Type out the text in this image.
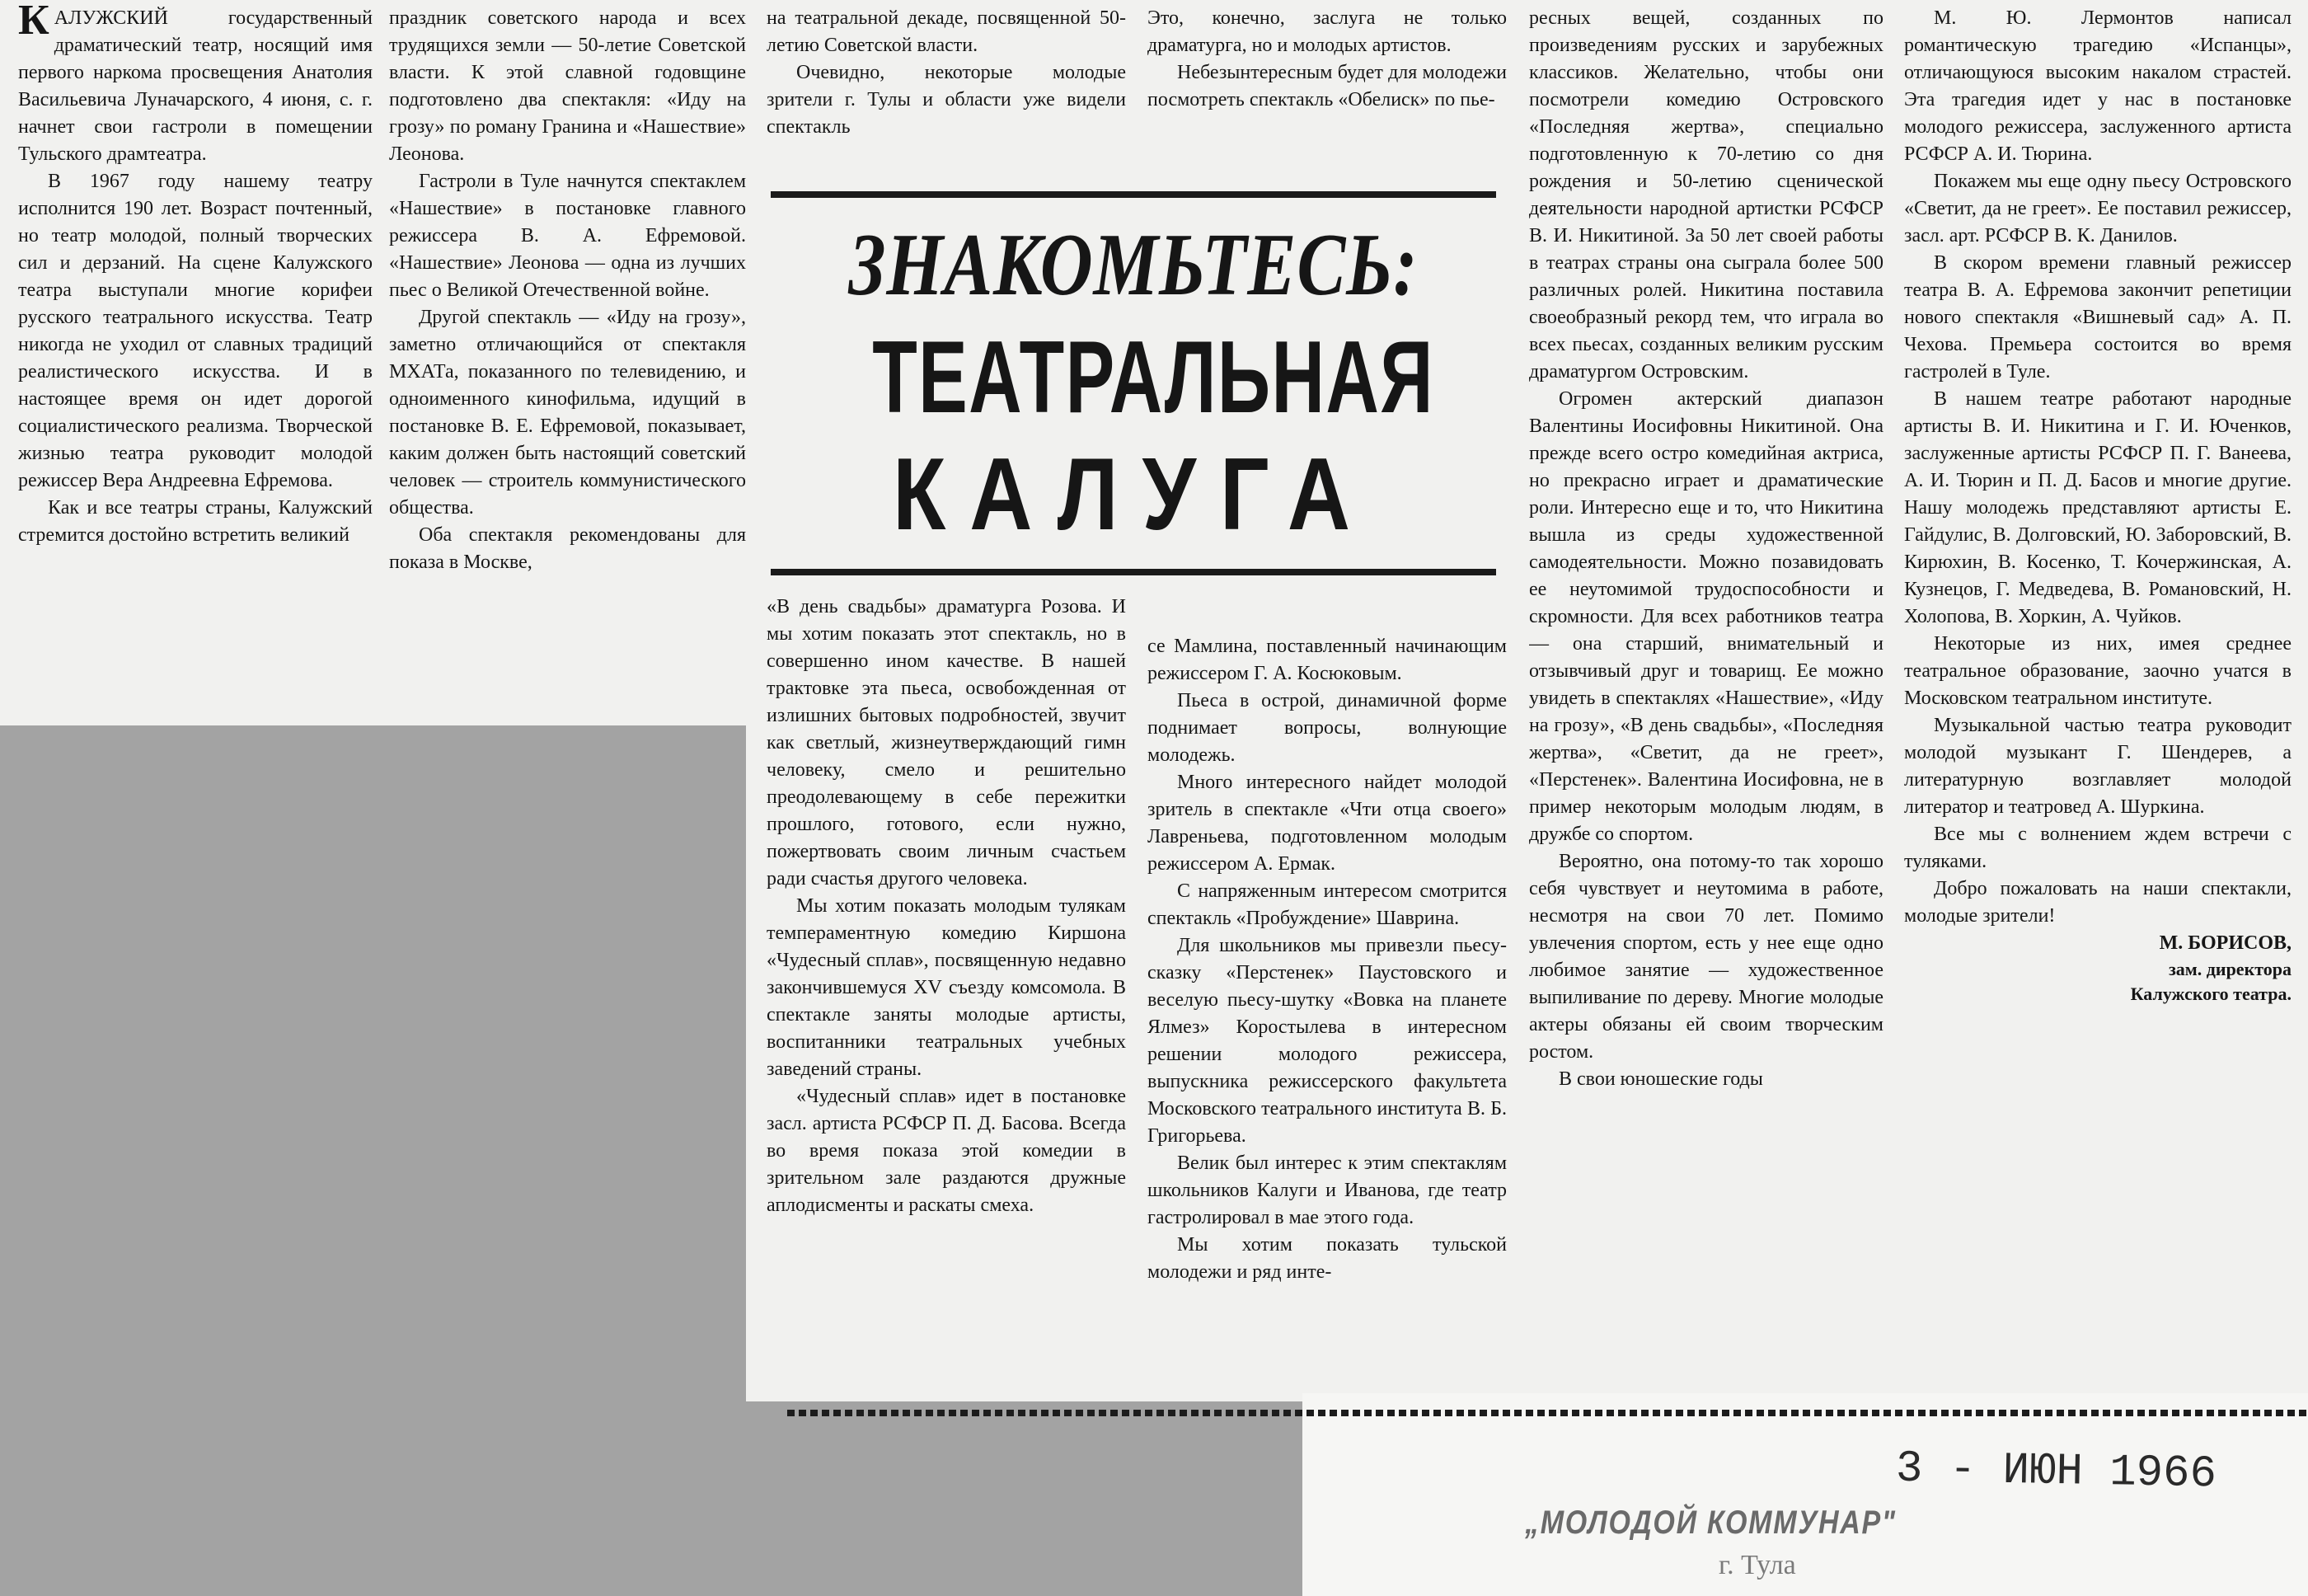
КАЛУЖСКИЙ государственный драматический театр, носящий имя первого наркома просвещения Анатолия Васильевича Луначарского, 4 июня, с. г. начнет свои гастроли в помещении Тульского драмтеатра.

В 1967 году нашему театру исполнится 190 лет. Возраст почтенный, но театр молодой, полный творческих сил и дерзаний. На сцене Калужского театра выступали многие корифеи русского театрального искусства. Театр никогда не уходил от славных традиций реалистического искусства. И в настоящее время он идет дорогой социалистического реализма. Творческой жизнью театра руководит молодой режиссер Вера Андреевна Ефремова.

Как и все театры страны, Калужский стремится достойно встретить великий

праздник советского народа и всех трудящихся земли — 50-летие Советской власти. К этой славной годовщине подготовлено два спектакля: «Иду на грозу» по роману Гранина и «Нашествие» Леонова.

Гастроли в Туле начнутся спектаклем «Нашествие» в постановке главного режиссера В. А. Ефремовой. «Нашествие» Леонова — одна из лучших пьес о Великой Отечественной войне.

Другой спектакль — «Иду на грозу», заметно отличающийся от спектакля МХАТа, показанного по телевидению, и одноименного кинофильма, идущий в постановке В. Е. Ефремовой, показывает, каким должен быть настоящий советский человек — строитель коммунистического общества.

Оба спектакля рекомендованы для показа в Москве,

на театральной декаде, посвященной 50-летию Советской власти.

Очевидно, некоторые молодые зрители г. Тулы и области уже видели спектакль

Это, конечно, заслуга не только драматурга, но и молодых артистов.

Небезынтересным будет для молодежи посмотреть спектакль «Обелиск» по пье-

ЗНАКОМЬТЕСЬ:
ТЕАТРАЛЬНАЯ
КАЛУГА

«В день свадьбы» драматурга Розова. И мы хотим показать этот спектакль, но в совершенно ином качестве. В нашей трактовке эта пьеса, освобожденная от излишних бытовых подробностей, звучит как светлый, жизнеутверждающий гимн человеку, смело и решительно преодолевающему в себе пережитки прошлого, готового, если нужно, пожертвовать своим личным счастьем ради счастья другого человека.

Мы хотим показать молодым тулякам темпераментную комедию Киршона «Чудесный сплав», посвященную недавно закончившемуся XV съезду комсомола. В спектакле заняты молодые артисты, воспитанники театральных учебных заведений страны.

«Чудесный сплав» идет в постановке засл. артиста РСФСР П. Д. Басова. Всегда во время показа этой комедии в зрительном зале раздаются дружные аплодисменты и раскаты смеха.

се Мамлина, поставленный начинающим режиссером Г. А. Косюковым.

Пьеса в острой, динамичной форме поднимает вопросы, волнующие молодежь.

Много интересного найдет молодой зритель в спектакле «Чти отца своего» Лавреньева, подготовленном молодым режиссером А. Ермак.

С напряженным интересом смотрится спектакль «Пробуждение» Шаврина.

Для школьников мы привезли пьесу-сказку «Перстенек» Паустовского и веселую пьесу-шутку «Вовка на планете Ялмез» Коростылева в интересном решении молодого режиссера, выпускника режиссерского факультета Московского театрального института В. Б. Григорьева.

Велик был интерес к этим спектаклям школьников Калуги и Иванова, где театр гастролировал в мае этого года.

Мы хотим показать тульской молодежи и ряд инте-

ресных вещей, созданных по произведениям русских и зарубежных классиков. Желательно, чтобы они посмотрели комедию Островского «Последняя жертва», специально подготовленную к 70-летию со дня рождения и 50-летию сценической деятельности народной артистки РСФСР В. И. Никитиной. За 50 лет своей работы в театрах страны она сыграла более 500 различных ролей. Никитина поставила своеобразный рекорд тем, что играла во всех пьесах, созданных великим русским драматургом Островским.

Огромен актерский диапазон Валентины Иосифовны Никитиной. Она прежде всего остро комедийная актриса, но прекрасно играет и драматические роли. Интересно еще и то, что Никитина вышла из среды художественной самодеятельности. Можно позавидовать ее неутомимой трудоспособности и скромности. Для всех работников театра — она старший, внимательный и отзывчивый друг и товарищ. Ее можно увидеть в спектаклях «Нашествие», «Иду на грозу», «В день свадьбы», «Последняя жертва», «Светит, да не греет», «Перстенек». Валентина Иосифовна, не в пример некоторым молодым людям, в дружбе со спортом.

Вероятно, она потому-то так хорошо себя чувствует и неутомима в работе, несмотря на свои 70 лет. Помимо увлечения спортом, есть у нее еще одно любимое занятие — художественное выпиливание по дереву. Многие молодые актеры обязаны ей своим творческим ростом.

В свои юношеские годы

М. Ю. Лермонтов написал романтическую трагедию «Испанцы», отличающуюся высоким накалом страстей. Эта трагедия идет у нас в постановке молодого режиссера, заслуженного артиста РСФСР А. И. Тюрина.

Покажем мы еще одну пьесу Островского «Светит, да не греет». Ее поставил режиссер, засл. арт. РСФСР В. К. Данилов.

В скором времени главный режиссер театра В. А. Ефремова закончит репетиции нового спектакля «Вишневый сад» А. П. Чехова. Премьера состоится во время гастролей в Туле.

В нашем театре работают народные артисты В. И. Никитина и Г. И. Юченков, заслуженные артисты РСФСР П. Г. Ванеева, А. И. Тюрин и П. Д. Басов и многие другие. Нашу молодежь представляют артисты Е. Гайдулис, В. Долговский, Ю. Заборовский, В. Кирюхин, В. Косенко, Т. Кочержинская, А. Кузнецов, Г. Медведева, В. Романовский, Н. Холопова, В. Хоркин, А. Чуйков.

Некоторые из них, имея среднее театральное образование, заочно учатся в Московском театральном институте.

Музыкальной частью театра руководит молодой музыкант Г. Шендерев, а литературную возглавляет молодой литератор и театровед А. Шуркина.

Все мы с волнением ждем встречи с туляками.

Добро пожаловать на наши спектакли, молодые зрители!

М. БОРИСОВ,

зам. директора

Калужского театра.

„МОЛОДОЙ КОММУНАР"
г. Тула
3 - ИЮН 1966
